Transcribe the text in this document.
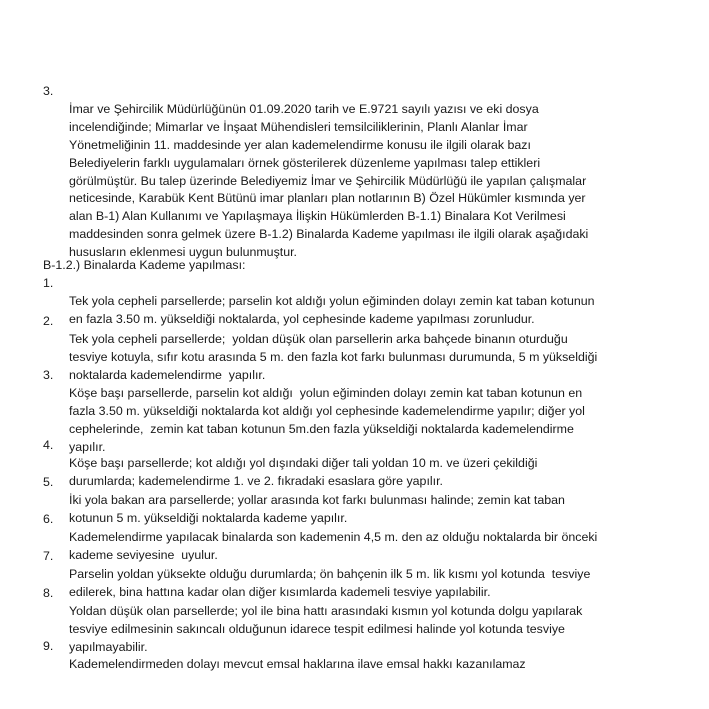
3.

İmar ve Şehircilik Müdürlüğünün 01.09.2020 tarih ve E.9721 sayılı yazısı ve eki dosya
incelendiğinde; Mimarlar ve İnşaat Mühendisleri temsilciliklerinin, Planlı Alanlar İmar
Yönetmeliğinin 11. maddesinde yer alan kademelendirme konusu ile ilgili olarak bazı
Belediyelerin farklı uygulamaları örnek gösterilerek düzenleme yapılması talep ettikleri
görülmüştür. Bu talep üzerinde Belediyemiz İmar ve Şehircilik Müdürlüğü ile yapılan çalışmalar
neticesinde, Karabük Kent Bütünü imar planları plan notlarının B) Özel Hükümler kısmında yer
alan B-1) Alan Kullanımı ve Yapılaşmaya İlişkin Hükümlerden B-1.1) Binalara Kot Verilmesi
maddesinden sonra gelmek üzere B-1.2) Binalarda Kademe yapılması ile ilgili olarak aşağıdaki
hususların eklenmesi uygun bulunmuştur.
B-1.2.) Binalarda Kademe yapılması:
1.

Tek yola cepheli parsellerde; parselin kot aldığı yolun eğiminden dolayı zemin kat taban kotunun
en fazla 3.50 m. yükseldiği noktalarda, yol cephesinde kademe yapılması zorunludur.
2.

Tek yola cepheli parsellerde;  yoldan düşük olan parsellerin arka bahçede binanın oturduğu
tesviye kotuyla, sıfır kotu arasında 5 m. den fazla kot farkı bulunması durumunda, 5 m yükseldiği
noktalarda kademelendirme  yapılır.
3.

Köşe başı parsellerde, parselin kot aldığı  yolun eğiminden dolayı zemin kat taban kotunun en
fazla 3.50 m. yükseldiği noktalarda kot aldığı yol cephesinde kademelendirme yapılır; diğer yol
cephelerinde,  zemin kat taban kotunun 5m.den fazla yükseldiği noktalarda kademelendirme
yapılır.
4.

Köşe başı parsellerde; kot aldığı yol dışındaki diğer tali yoldan 10 m. ve üzeri çekildiği
durumlarda; kademelendirme 1. ve 2. fıkradaki esaslara göre yapılır.
5.

İki yola bakan ara parsellerde; yollar arasında kot farkı bulunması halinde; zemin kat taban
kotunun 5 m. yükseldiği noktalarda kademe yapılır.
6.

Kademelendirme yapılacak binalarda son kademenin 4,5 m. den az olduğu noktalarda bir önceki
kademe seviyesine  uyulur.
7.

Parselin yoldan yüksekte olduğu durumlarda; ön bahçenin ilk 5 m. lik kısmı yol kotunda  tesviye
edilerek, bina hattına kadar olan diğer kısımlarda kademeli tesviye yapılabilir.
8.

Yoldan düşük olan parsellerde; yol ile bina hattı arasındaki kısmın yol kotunda dolgu yapılarak
tesviye edilmesinin sakıncalı olduğunun idarece tespit edilmesi halinde yol kotunda tesviye
yapılmayabilir.
9.

Kademelendirmeden dolayı mevcut emsal haklarına ilave emsal hakkı kazanılamaz
